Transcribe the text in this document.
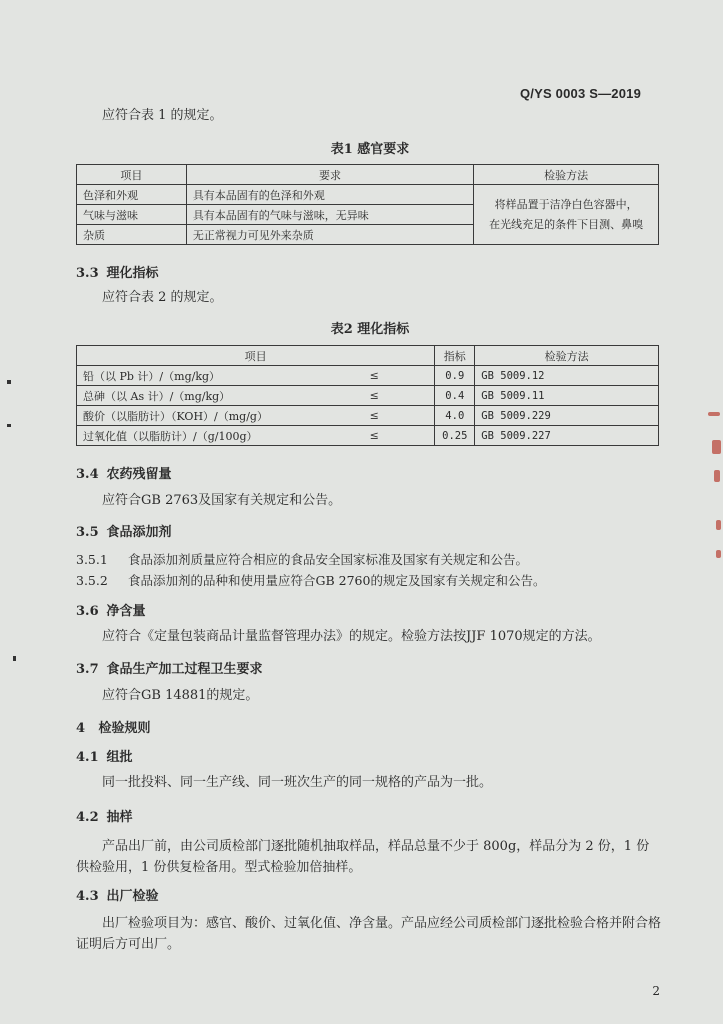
Q/YS 0003 S—2019
应符合表 1 的规定。
表1 感官要求
项目	要求	检验方法
色泽和外观	具有本品固有的色泽和外观	将样品置于洁净白色容器中，
在光线充足的条件下目测、鼻嗅

气味与滋味	具有本品固有的气味与滋味，无异味	
杂质	无正常视力可见外来杂质	
3.3 理化指标
应符合表 2 的规定。
表2 理化指标
项目		指标	检验方法
铅（以 Pb 计）/（mg/kg）	≤	0.9	GB 5009.12
总砷（以 As 计）/（mg/kg）	≤	0.4	GB 5009.11
酸价（以脂肪计）（KOH）/（mg/g）	≤	4.0	GB 5009.229
过氧化值（以脂肪计）/（g/100g）	≤	0.25	GB 5009.227
3.4 农药残留量
应符合GB 2763及国家有关规定和公告。
3.5 食品添加剂
3.5.1 食品添加剂质量应符合相应的食品安全国家标准及国家有关规定和公告。
3.5.2 食品添加剂的品种和使用量应符合GB 2760的规定及国家有关规定和公告。
3.6 净含量
应符合《定量包装商品计量监督管理办法》的规定。检验方法按JJF 1070规定的方法。
3.7 食品生产加工过程卫生要求
应符合GB 14881的规定。
4 检验规则
4.1 组批
同一批投料、同一生产线、同一班次生产的同一规格的产品为一批。
4.2 抽样
产品出厂前，由公司质检部门逐批随机抽取样品，样品总量不少于 800g，样品分为 2 份，1 份供检验用，1 份供复检备用。型式检验加倍抽样。
4.3 出厂检验
出厂检验项目为：感官、酸价、过氧化值、净含量。产品应经公司质检部门逐批检验合格并附合格证明后方可出厂。
2
